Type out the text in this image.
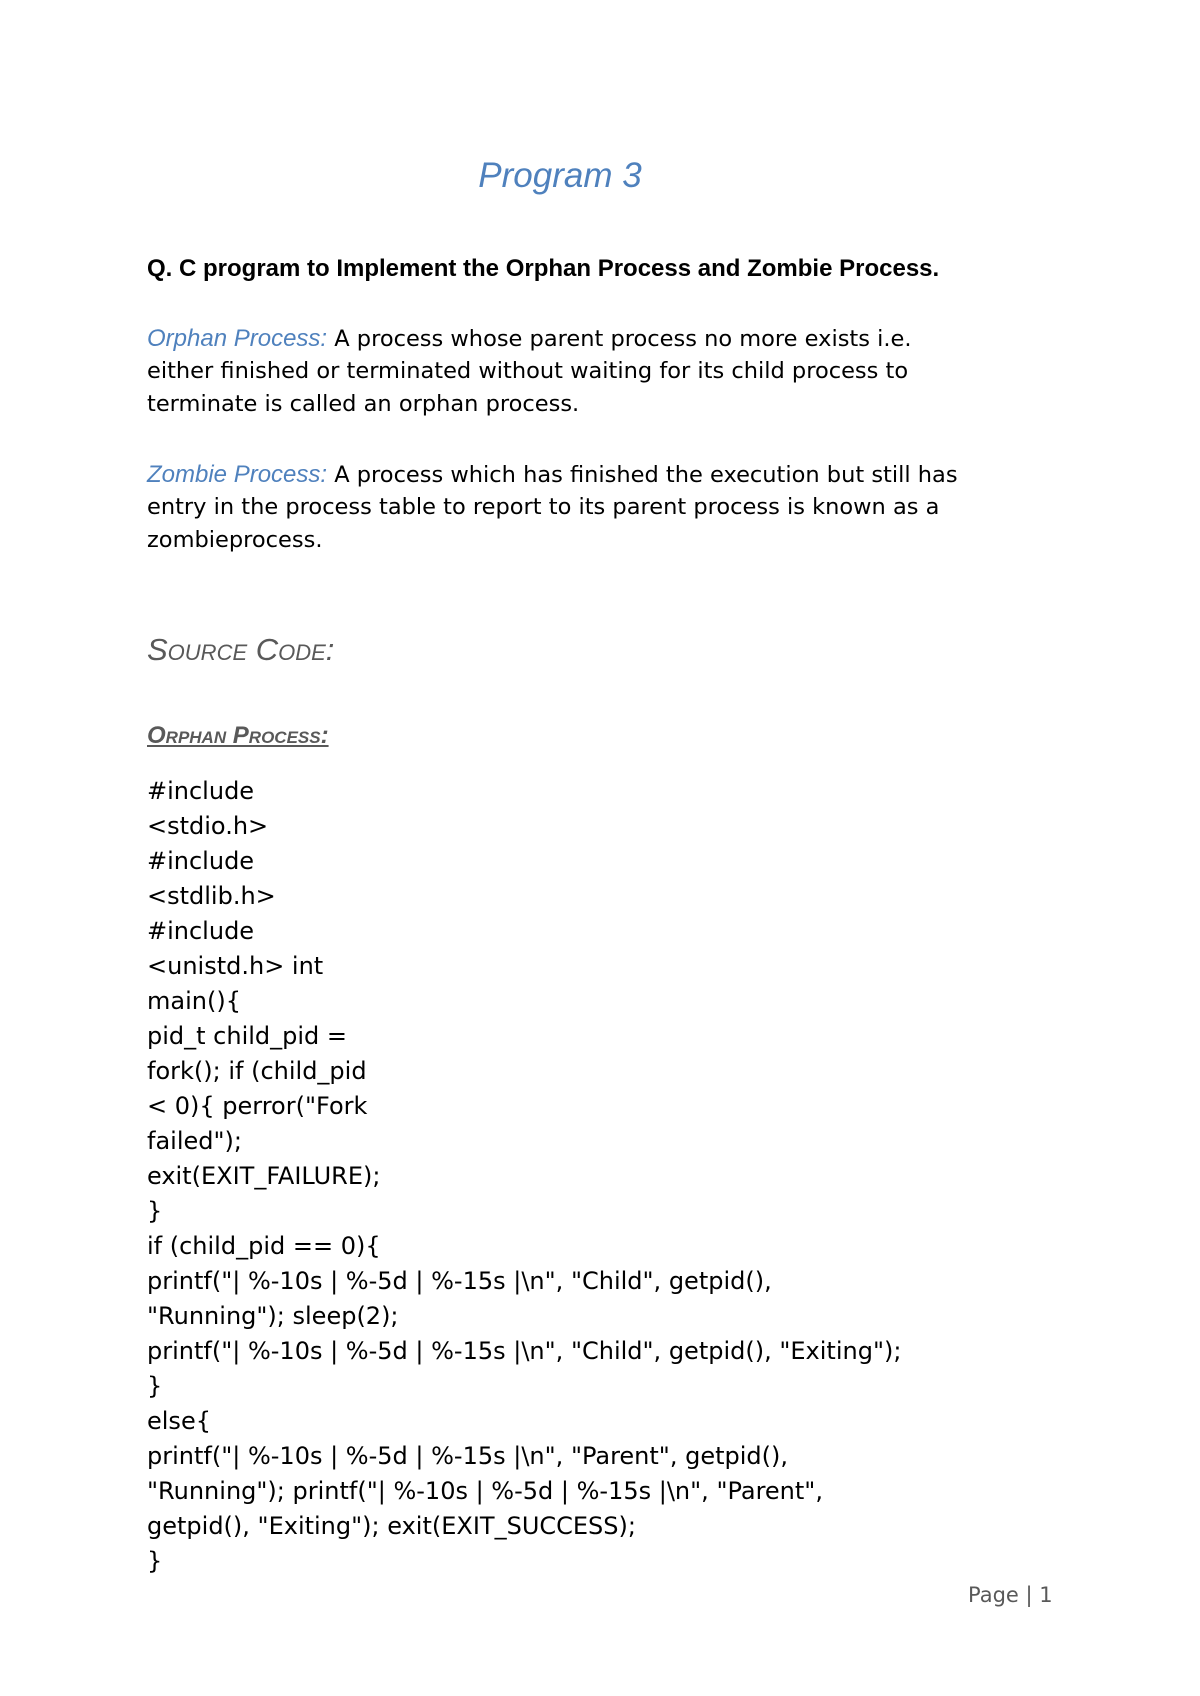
Program 3
Q. C program to Implement the Orphan Process and Zombie Process.
Orphan Process: A process whose parent process no more exists i.e.
either finished or terminated without waiting for its child process to
terminate is called an orphan process.
Zombie Process: A process which has finished the execution but still has
entry in the process table to report to its parent process is known as a
zombieprocess.
Source Code:
Orphan Process:
#include
<stdio.h>
#include
<stdlib.h>
#include
<unistd.h> int
main(){
pid_t child_pid =
fork(); if (child_pid
< 0){ perror("Fork
failed");
exit(EXIT_FAILURE);
}
if (child_pid == 0){
printf("| %-10s | %-5d | %-15s |\n", "Child", getpid(),
"Running"); sleep(2);
printf("| %-10s | %-5d | %-15s |\n", "Child", getpid(), "Exiting");
}
else{
printf("| %-10s | %-5d | %-15s |\n", "Parent", getpid(),
"Running"); printf("| %-10s | %-5d | %-15s |\n", "Parent",
getpid(), "Exiting"); exit(EXIT_SUCCESS);
}
Page | 1
